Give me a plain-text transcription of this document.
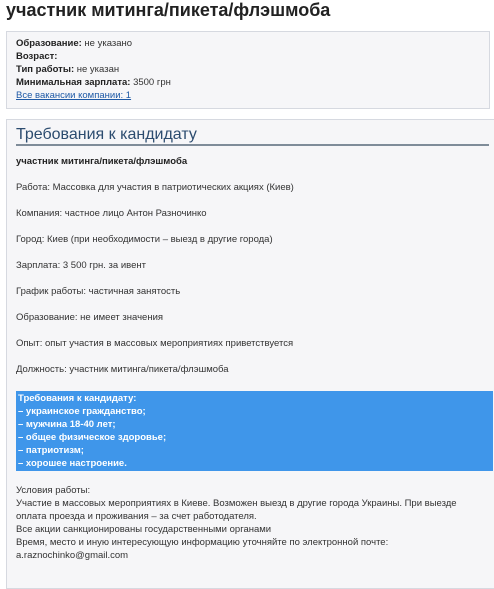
участник митинга/пикета/флэшмоба
Образование: не указано
Возраст:
Тип работы: не указан
Минимальная зарплата: 3500 грн
Все вакансии компании: 1
Требования к кандидату
участник митинга/пикета/флэшмоба
Работа: Массовка для участия в патриотических акциях (Киев)
Компания: частное лицо Антон Разночинко
Город: Киев (при необходимости – выезд в другие города)
Зарплата: 3 500 грн. за ивент
График работы: частичная занятость
Образование: не имеет значения
Опыт: опыт участия в массовых мероприятиях приветствуется
Должность: участник митинга/пикета/флэшмоба
Требования к кандидату:
– украинское гражданство;
– мужчина 18-40 лет;
– общее физическое здоровье;
– патриотизм;
– хорошее настроение.
Условия работы:
Участие в массовых мероприятиях в Киеве. Возможен выезд в другие города Украины. При выезде оплата проезда и проживания – за счет работодателя.
Все акции санкционированы государственными органами
Время, место и иную интересующую информацию уточняйте по электронной почте:
a.raznochinko@gmail.com
